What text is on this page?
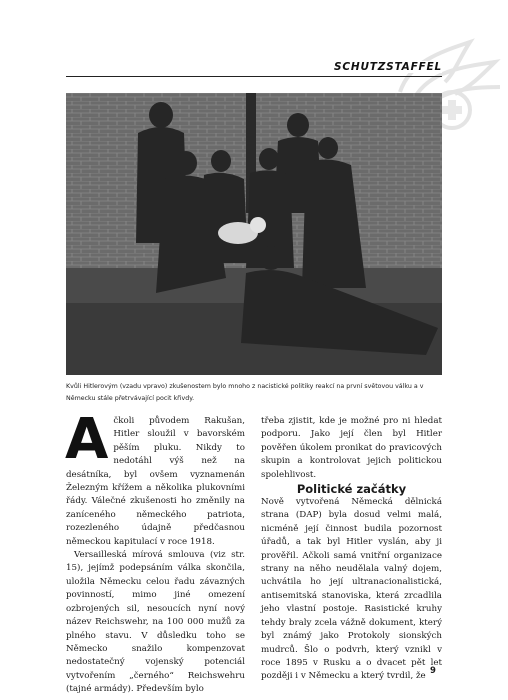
SCHUTZSTAFFEL
Kvůli Hitlerovým (vzadu vpravo) zkušenostem bylo mnoho z nacistické politiky reakcí na první světovou válku a v Německu stále přetrvávající pocit křivdy.

Ačkoli původem Rakušan, Hitler sloužil v bavorském pěším pluku. Nikdy to nedotáhl výš než na desátníka, byl ovšem vyznamenán Železným křížem a několika plukovními řády. Válečné zkušenosti ho změnily na zaníceného německého patriota, rozezleného údajně předčasnou německou kapitulací v roce 1918.

Versailleská mírová smlouva (viz str. 15), jejímž podepsáním válka skončila, uložila Německu celou řadu závazných povinností, mimo jiné omezení ozbrojených sil, nesoucích nyní nový název Reichswehr, na 100 000 mužů za plného stavu. V důsledku toho se Německo snažilo kompenzovat nedostatečný vojenský potenciál vytvořením „černého“ Reichswehru (tajné armády). Především bylo

třeba zjistit, kde je možné pro ni hledat podporu. Jako její člen byl Hitler pověřen úkolem pronikat do pravicových skupin a kontrolovat jejich politickou spolehlivost.

Politické začátky

Nově vytvořená Německá dělnická strana (DAP) byla dosud velmi malá, nicméně její činnost budila pozornost úřadů, a tak byl Hitler vyslán, aby ji prověřil. Ačkoli samá vnitřní organizace strany na něho neudělala valný dojem, uchvátila ho její ultranacionalistická, antisemitská stanoviska, která zrcadlila jeho vlastní postoje. Rasistické kruhy tehdy braly zcela vážně dokument, který byl známý jako Protokoly sionských mudrců. Šlo o podvrh, který vznikl v roce 1895 v Rusku a o dvacet pět let později i v Německu a který tvrdil, že

9
